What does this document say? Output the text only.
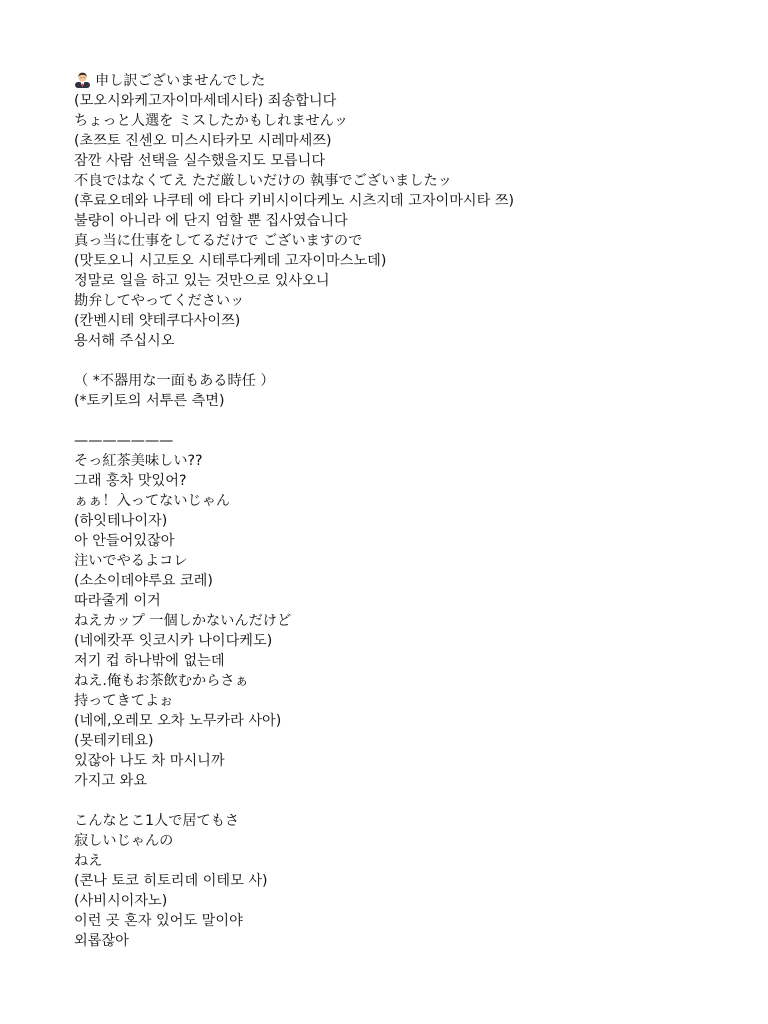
申し訳ございませんでした
(모오시와케고자이마세데시타) 죄송합니다
ちょっと人選を ミスしたかもしれませんッ
(초쯔토 진센오 미스시타카모 시레마세쯔)
잠깐 사람 선택을 실수했을지도 모릅니다
不良ではなくてえ ただ厳しいだけの 執事でございましたッ
(후료오데와 나쿠테 에 타다 키비시이다케노 시츠지데 고자이마시타 쯔)
불량이 아니라 에 단지 엄할 뿐 집사였습니다
真っ当に仕事をしてるだけで ございますので
(맛토오니 시고토오 시테루다케데 고자이마스노데)
정말로 일을 하고 있는 것만으로 있사오니
勘弁してやってくださいッ
(칸벤시테 얏테쿠다사이쯔)
용서해 주십시오
（ *不器用な一面もある時任 ）
(*토키토의 서투른 측면)
———————
そっ紅茶美味しい??
그래 홍차 맛있어?
ぁぁ！入ってないじゃん
(하잇테나이자)
아 안들어있잖아
注いでやるよコレ
(소소이데야루요 코레)
따라줄게 이거
ねえカップ 一個しかないんだけど
(네에캇푸 잇코시카 나이다케도)
저기 컵 하나밖에 없는데
ねえ.俺もお茶飲むからさぁ
持ってきてよぉ
(네에,오레모 오차 노무카라 사아)
(못테키테요)
있잖아 나도 차 마시니까
가지고 와요
こんなとこ1人で居てもさ
寂しいじゃんの
ねえ
(콘나 토코 히토리데 이테모 사)
(사비시이자노)
이런 곳 혼자 있어도 말이야
외롭잖아
